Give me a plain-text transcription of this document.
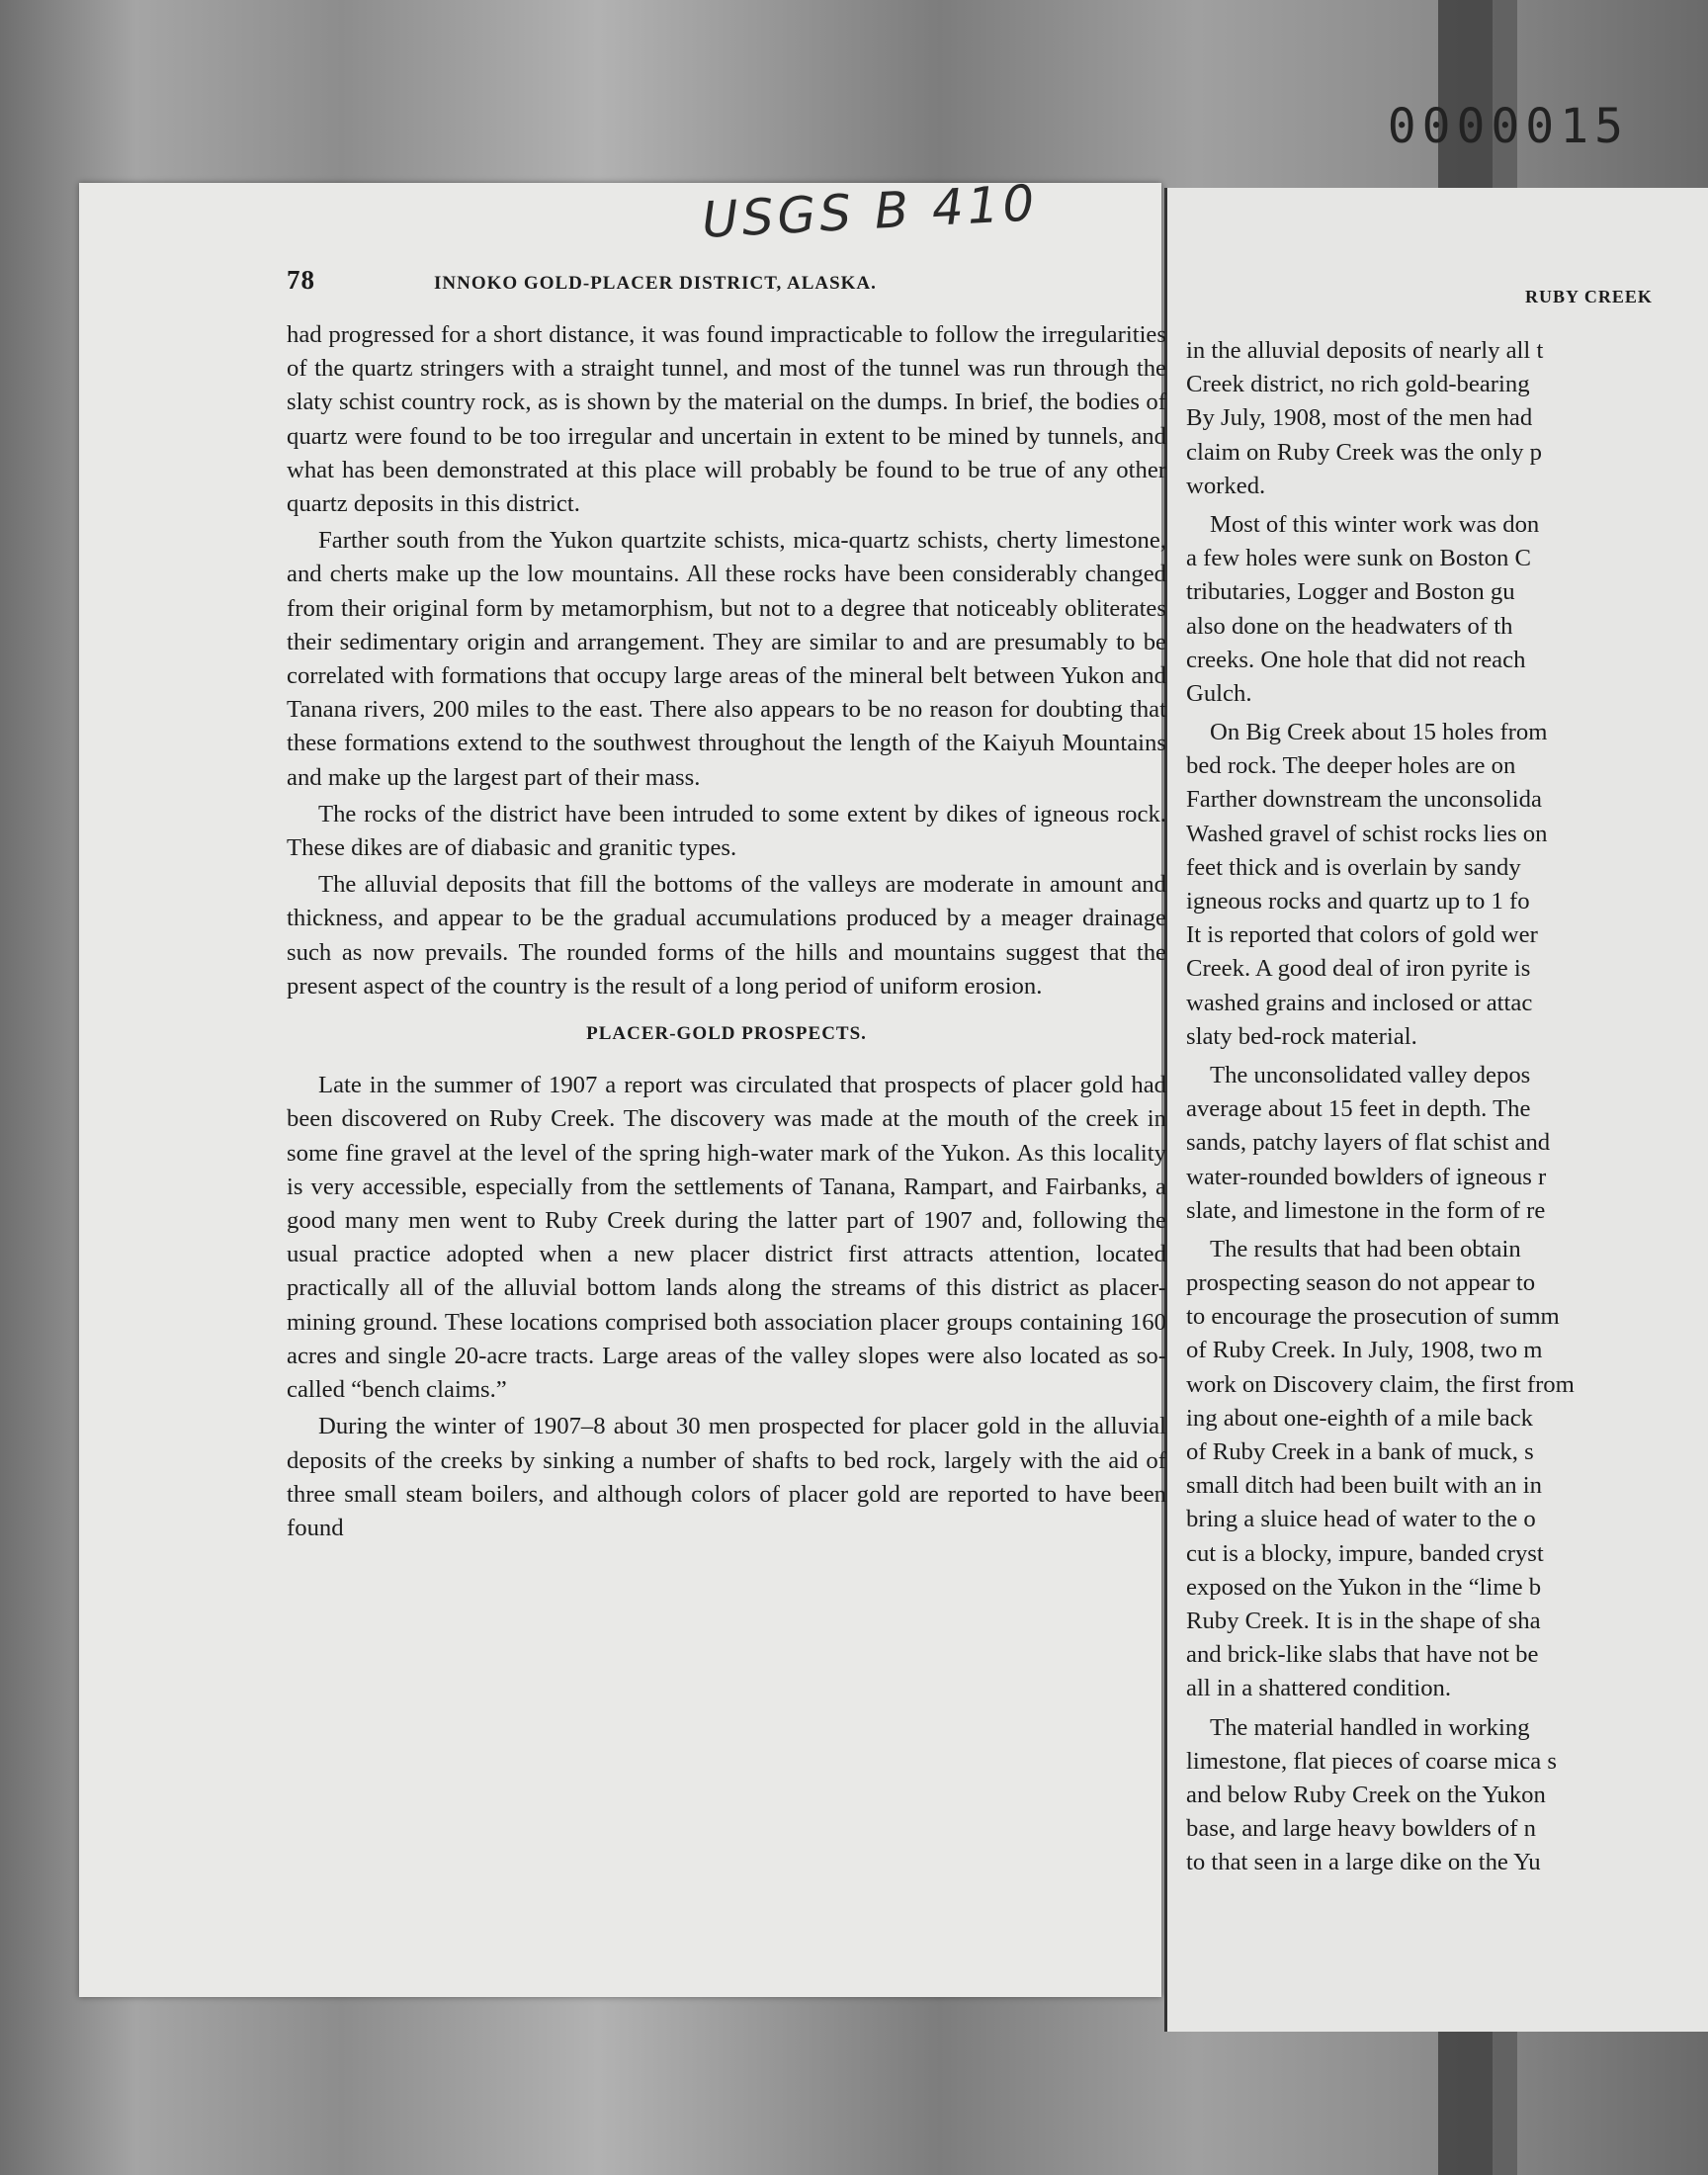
0000015
USGS B 410
78	INNOKO GOLD-PLACER DISTRICT, ALASKA.

had progressed for a short distance, it was found impracticable to follow the irregularities of the quartz stringers with a straight tunnel, and most of the tunnel was run through the slaty schist country rock, as is shown by the material on the dumps. In brief, the bodies of quartz were found to be too irregular and uncertain in extent to be mined by tunnels, and what has been demonstrated at this place will probably be found to be true of any other quartz deposits in this district.

Farther south from the Yukon quartzite schists, mica-quartz schists, cherty limestone, and cherts make up the low mountains. All these rocks have been considerably changed from their original form by metamorphism, but not to a degree that noticeably obliterates their sedimentary origin and arrangement. They are similar to and are presumably to be correlated with formations that occupy large areas of the mineral belt between Yukon and Tanana rivers, 200 miles to the east. There also appears to be no reason for doubting that these formations extend to the southwest throughout the length of the Kaiyuh Mountains and make up the largest part of their mass.

The rocks of the district have been intruded to some extent by dikes of igneous rock. These dikes are of diabasic and granitic types.

The alluvial deposits that fill the bottoms of the valleys are moderate in amount and thickness, and appear to be the gradual accumulations produced by a meager drainage such as now prevails. The rounded forms of the hills and mountains suggest that the present aspect of the country is the result of a long period of uniform erosion.

PLACER-GOLD PROSPECTS.

Late in the summer of 1907 a report was circulated that prospects of placer gold had been discovered on Ruby Creek. The discovery was made at the mouth of the creek in some fine gravel at the level of the spring high-water mark of the Yukon. As this locality is very accessible, especially from the settlements of Tanana, Rampart, and Fairbanks, a good many men went to Ruby Creek during the latter part of 1907 and, following the usual practice adopted when a new placer district first attracts attention, located practically all of the alluvial bottom lands along the streams of this district as placer-mining ground. These locations comprised both association placer groups containing 160 acres and single 20-acre tracts. Large areas of the valley slopes were also located as so-called “bench claims.”

During the winter of 1907–8 about 30 men prospected for placer gold in the alluvial deposits of the creeks by sinking a number of shafts to bed rock, largely with the aid of three small steam boilers, and although colors of placer gold are reported to have been found

RUBY CREEK
in the alluvial deposits of nearly all t
Creek district, no rich gold-bearing
By July, 1908, most of the men had
claim on Ruby Creek was the only p
worked.
Most of this winter work was don
a few holes were sunk on Boston C
tributaries, Logger and Boston gu
also done on the headwaters of th
creeks. One hole that did not reach
Gulch.
On Big Creek about 15 holes from
bed rock. The deeper holes are on
Farther downstream the unconsolida
Washed gravel of schist rocks lies on
feet thick and is overlain by sandy
igneous rocks and quartz up to 1 fo
It is reported that colors of gold wer
Creek. A good deal of iron pyrite is
washed grains and inclosed or attac
slaty bed-rock material.
The unconsolidated valley depos
average about 15 feet in depth. The
sands, patchy layers of flat schist and
water-rounded bowlders of igneous r
slate, and limestone in the form of re
The results that had been obtain
prospecting season do not appear to
to encourage the prosecution of summ
of Ruby Creek. In July, 1908, two m
work on Discovery claim, the first from
ing about one-eighth of a mile back
of Ruby Creek in a bank of muck, s
small ditch had been built with an in
bring a sluice head of water to the o
cut is a blocky, impure, banded cryst
exposed on the Yukon in the “lime b
Ruby Creek. It is in the shape of sha
and brick-like slabs that have not be
all in a shattered condition.
The material handled in working
limestone, flat pieces of coarse mica s
and below Ruby Creek on the Yukon
base, and large heavy bowlders of n
to that seen in a large dike on the Yu
